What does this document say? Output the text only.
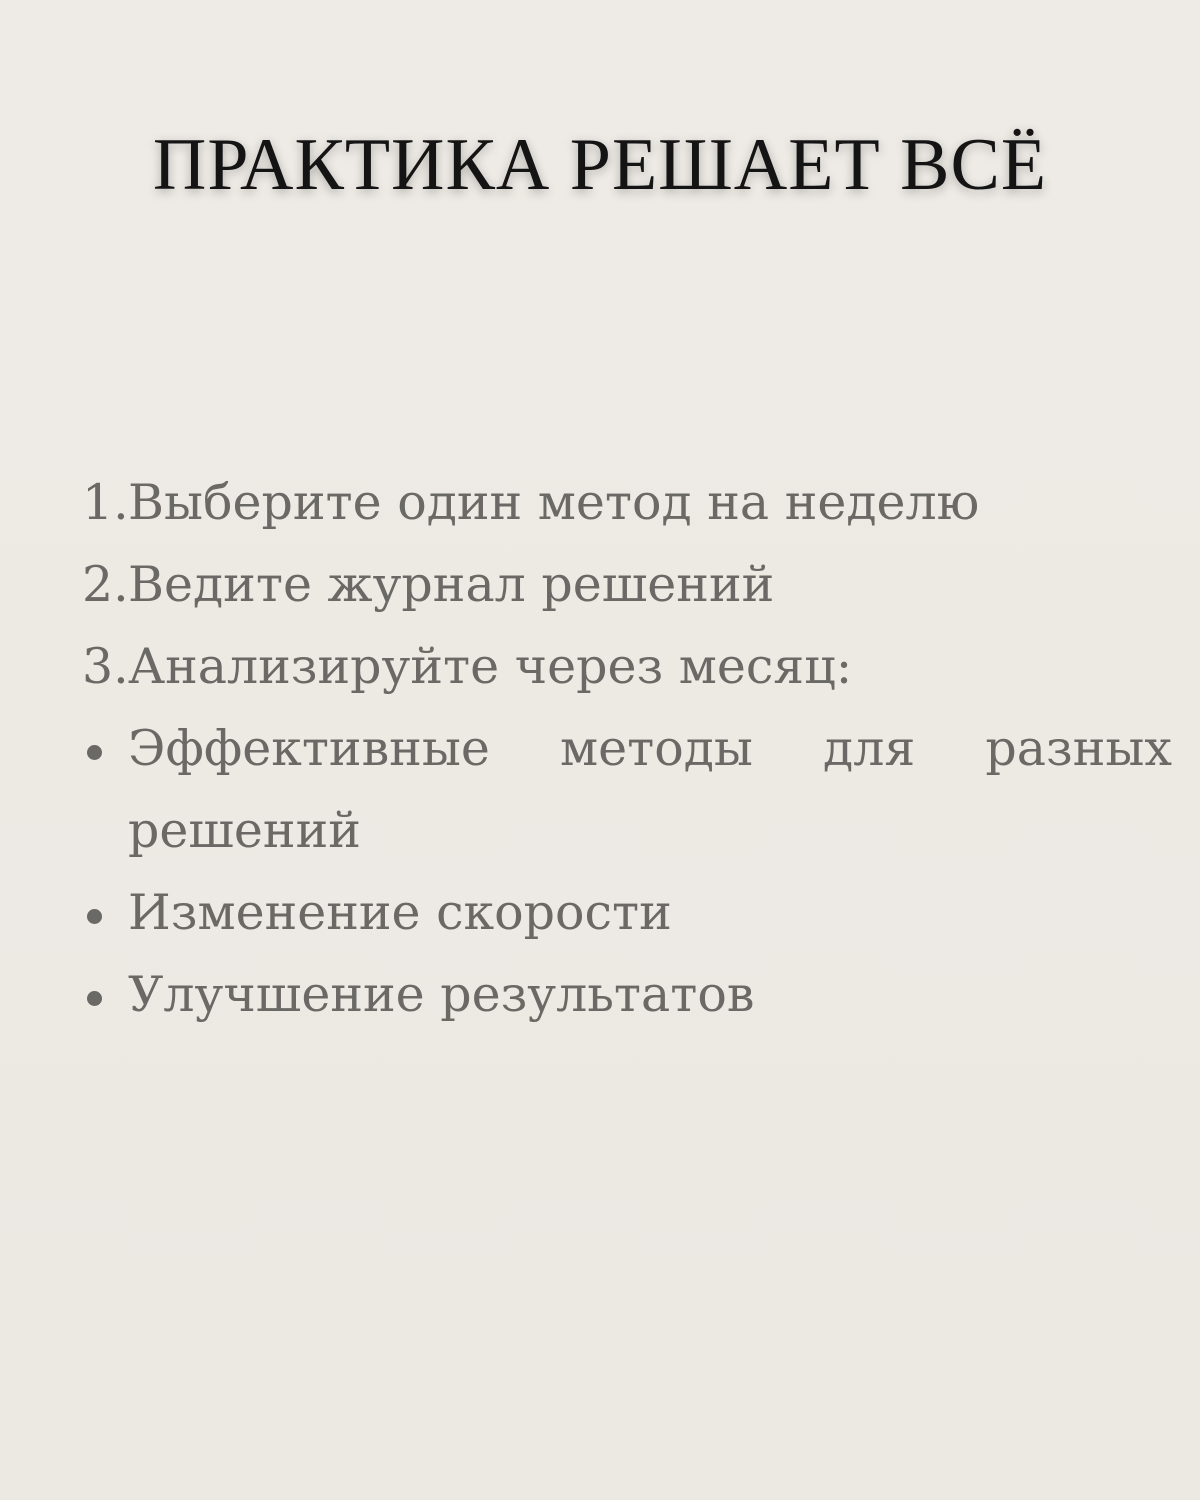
ПРАКТИКА РЕШАЕТ ВСЁ
1. Выберите один метод на неделю
2. Ведите журнал решений
3. Анализируйте через месяц:
Эффективные методы для разных
решений
Изменение скорости
Улучшение результатов
